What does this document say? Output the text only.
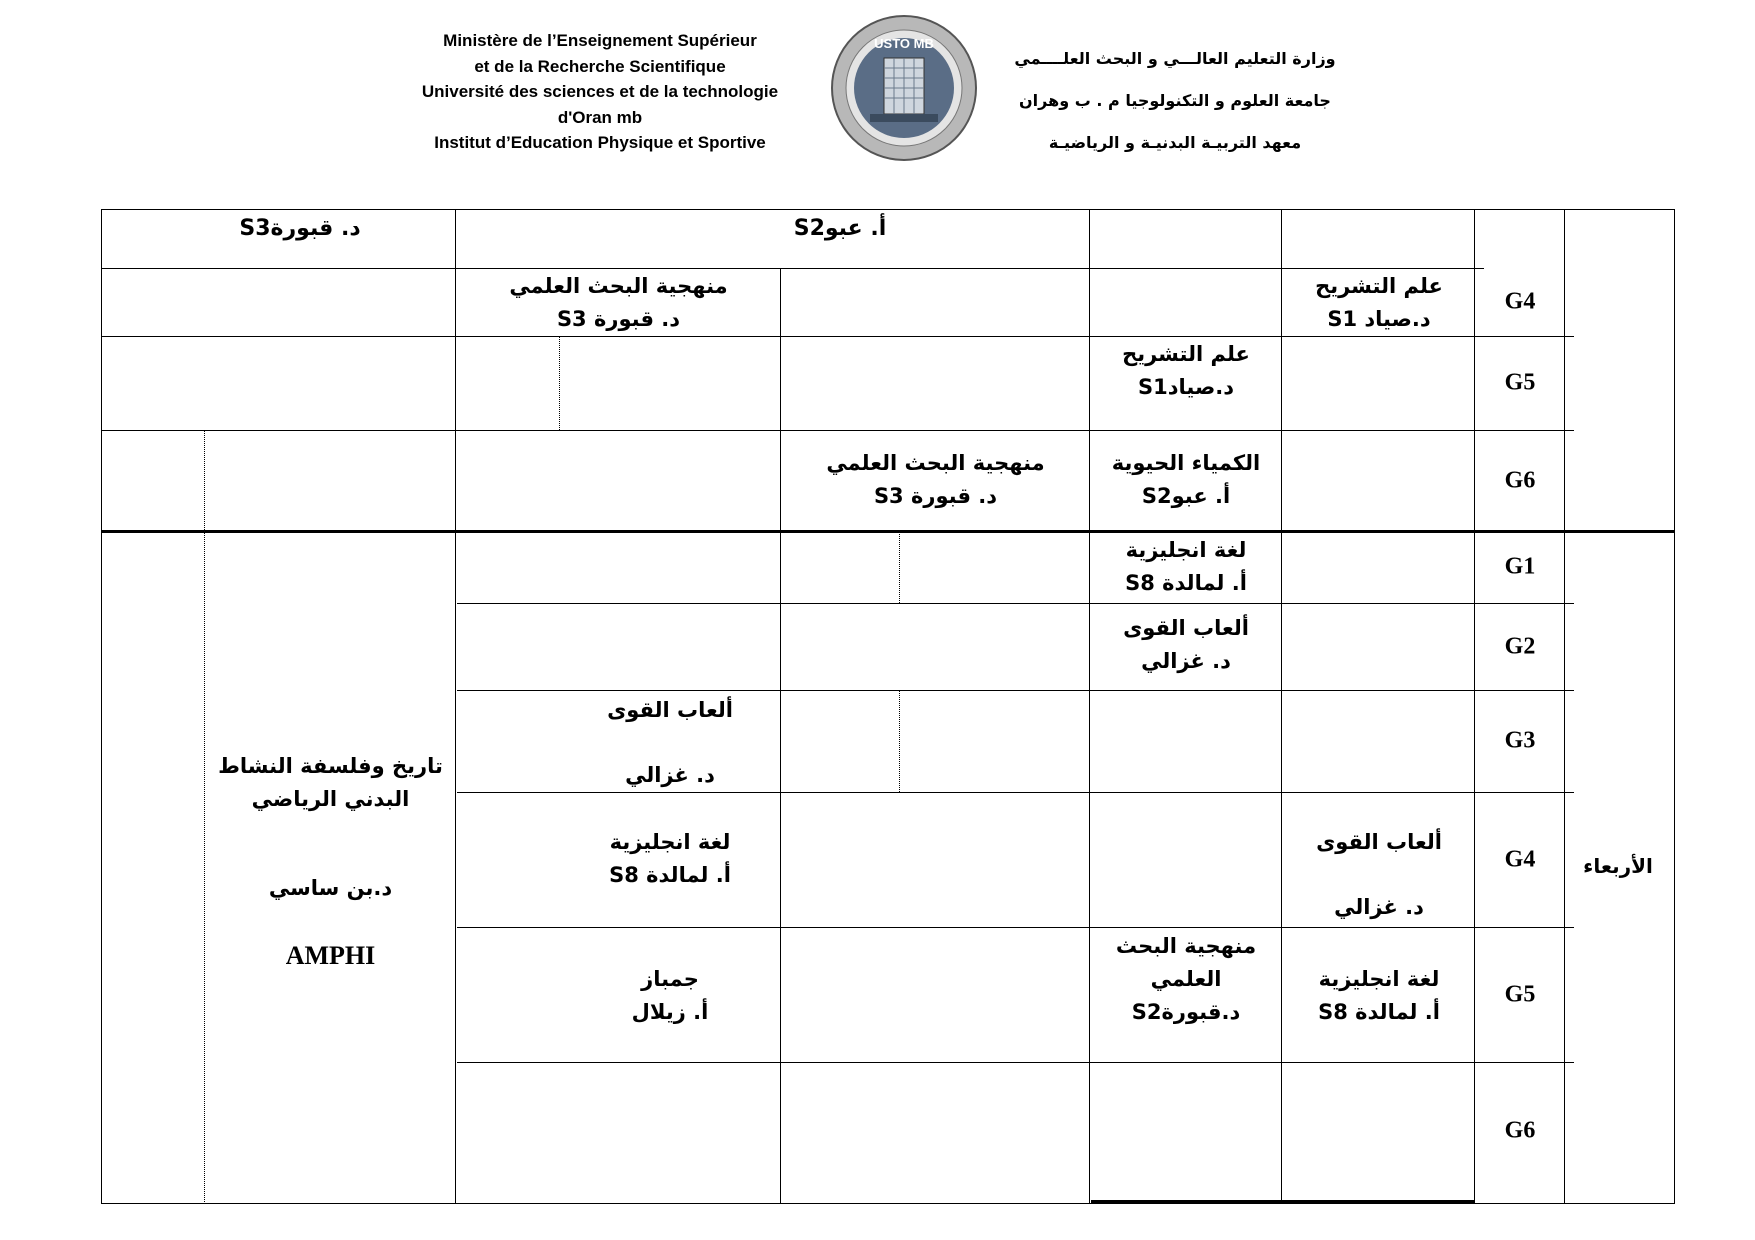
Ministère de l’Enseignement Supérieur
et de la Recherche Scientifique
Université des sciences et de la technologie
d'Oran mb
Institut d’Education Physique et Sportive
USTO MB
وزارة التعليم العالـــي و البحث العلــــمي
جامعة العلوم و التكنولوجيا م . ب وهران
معهد التربيـة البدنيـة و الرياضيـة
G4
G5
G6
G1
G2
G3
G4
G5
G6
الأربعاء
د. قبورةS3	أ. عبوS2
علم التشريح
د.صياد S1
منهجية البحث العلمي
د. قبورة S3
علم التشريح
د.صيادS1
الكمياء الحيوية
أ. عبوS2
منهجية البحث العلمي
د. قبورة S3
لغة انجليزية
أ. لمالدة S8
ألعاب القوى
د. غزالي
ألعاب القوى
د. غزالي
ألعاب القوى
د. غزالي
لغة انجليزية
أ. لمالدة S8
لغة انجليزية
أ. لمالدة S8
منهجية البحث
العلمي
د.قبورةS2
جمباز
أ. زيلال
تاريخ وفلسفة النشاط
البدني الرياضي
د.بن ساسي
AMPHI
